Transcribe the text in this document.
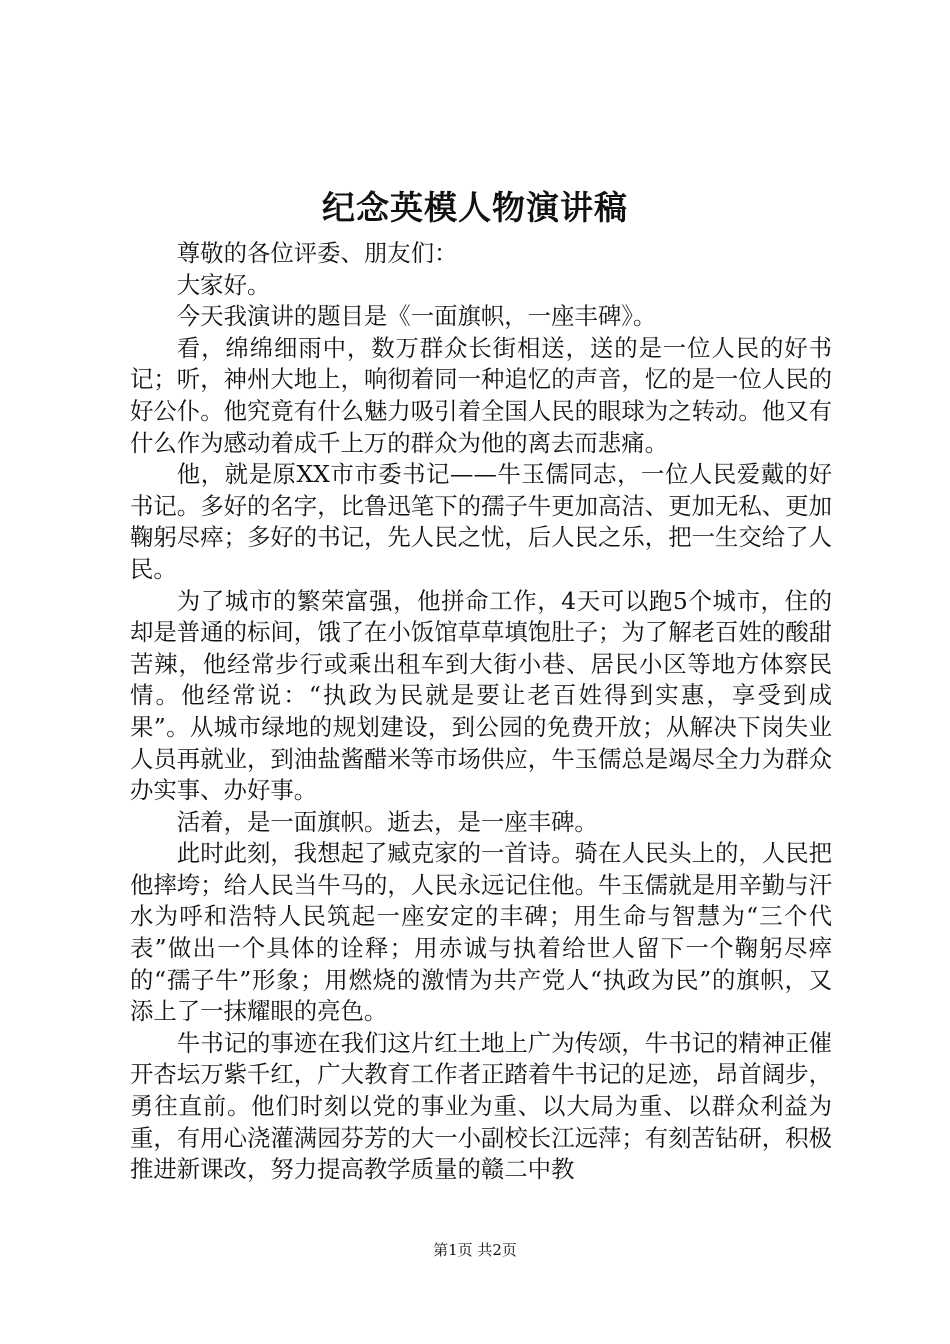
纪念英模人物演讲稿

尊敬的各位评委、朋友们：

大家好。

今天我演讲的题目是《一面旗帜，一座丰碑》。

看，绵绵细雨中，数万群众长街相送，送的是一位人民的好书记；听，神州大地上，响彻着同一种追忆的声音，忆的是一位人民的好公仆。他究竟有什么魅力吸引着全国人民的眼球为之转动。他又有什么作为感动着成千上万的群众为他的离去而悲痛。

他，就是原XX市市委书记——牛玉儒同志，一位人民爱戴的好书记。多好的名字，比鲁迅笔下的孺子牛更加高洁、更加无私、更加鞠躬尽瘁；多好的书记，先人民之忧，后人民之乐，把一生交给了人民。

为了城市的繁荣富强，他拼命工作，4天可以跑5个城市，住的却是普通的标间，饿了在小饭馆草草填饱肚子；为了解老百姓的酸甜苦辣，他经常步行或乘出租车到大街小巷、居民小区等地方体察民情。他经常说：“执政为民就是要让老百姓得到实惠，享受到成果”。从城市绿地的规划建设，到公园的免费开放；从解决下岗失业人员再就业，到油盐酱醋米等市场供应，牛玉儒总是竭尽全力为群众办实事、办好事。

活着，是一面旗帜。逝去，是一座丰碑。

此时此刻，我想起了臧克家的一首诗。骑在人民头上的，人民把他摔垮；给人民当牛马的，人民永远记住他。牛玉儒就是用辛勤与汗水为呼和浩特人民筑起一座安定的丰碑；用生命与智慧为“三个代表”做出一个具体的诠释；用赤诚与执着给世人留下一个鞠躬尽瘁的“孺子牛”形象；用燃烧的激情为共产党人“执政为民”的旗帜，又添上了一抹耀眼的亮色。

牛书记的事迹在我们这片红土地上广为传颂，牛书记的精神正催开杏坛万紫千红，广大教育工作者正踏着牛书记的足迹，昂首阔步，勇往直前。他们时刻以党的事业为重、以大局为重、以群众利益为重，有用心浇灌满园芬芳的大一小副校长江远萍；有刻苦钻研，积极推进新课改，努力提高教学质量的赣二中教

第1页 共2页
